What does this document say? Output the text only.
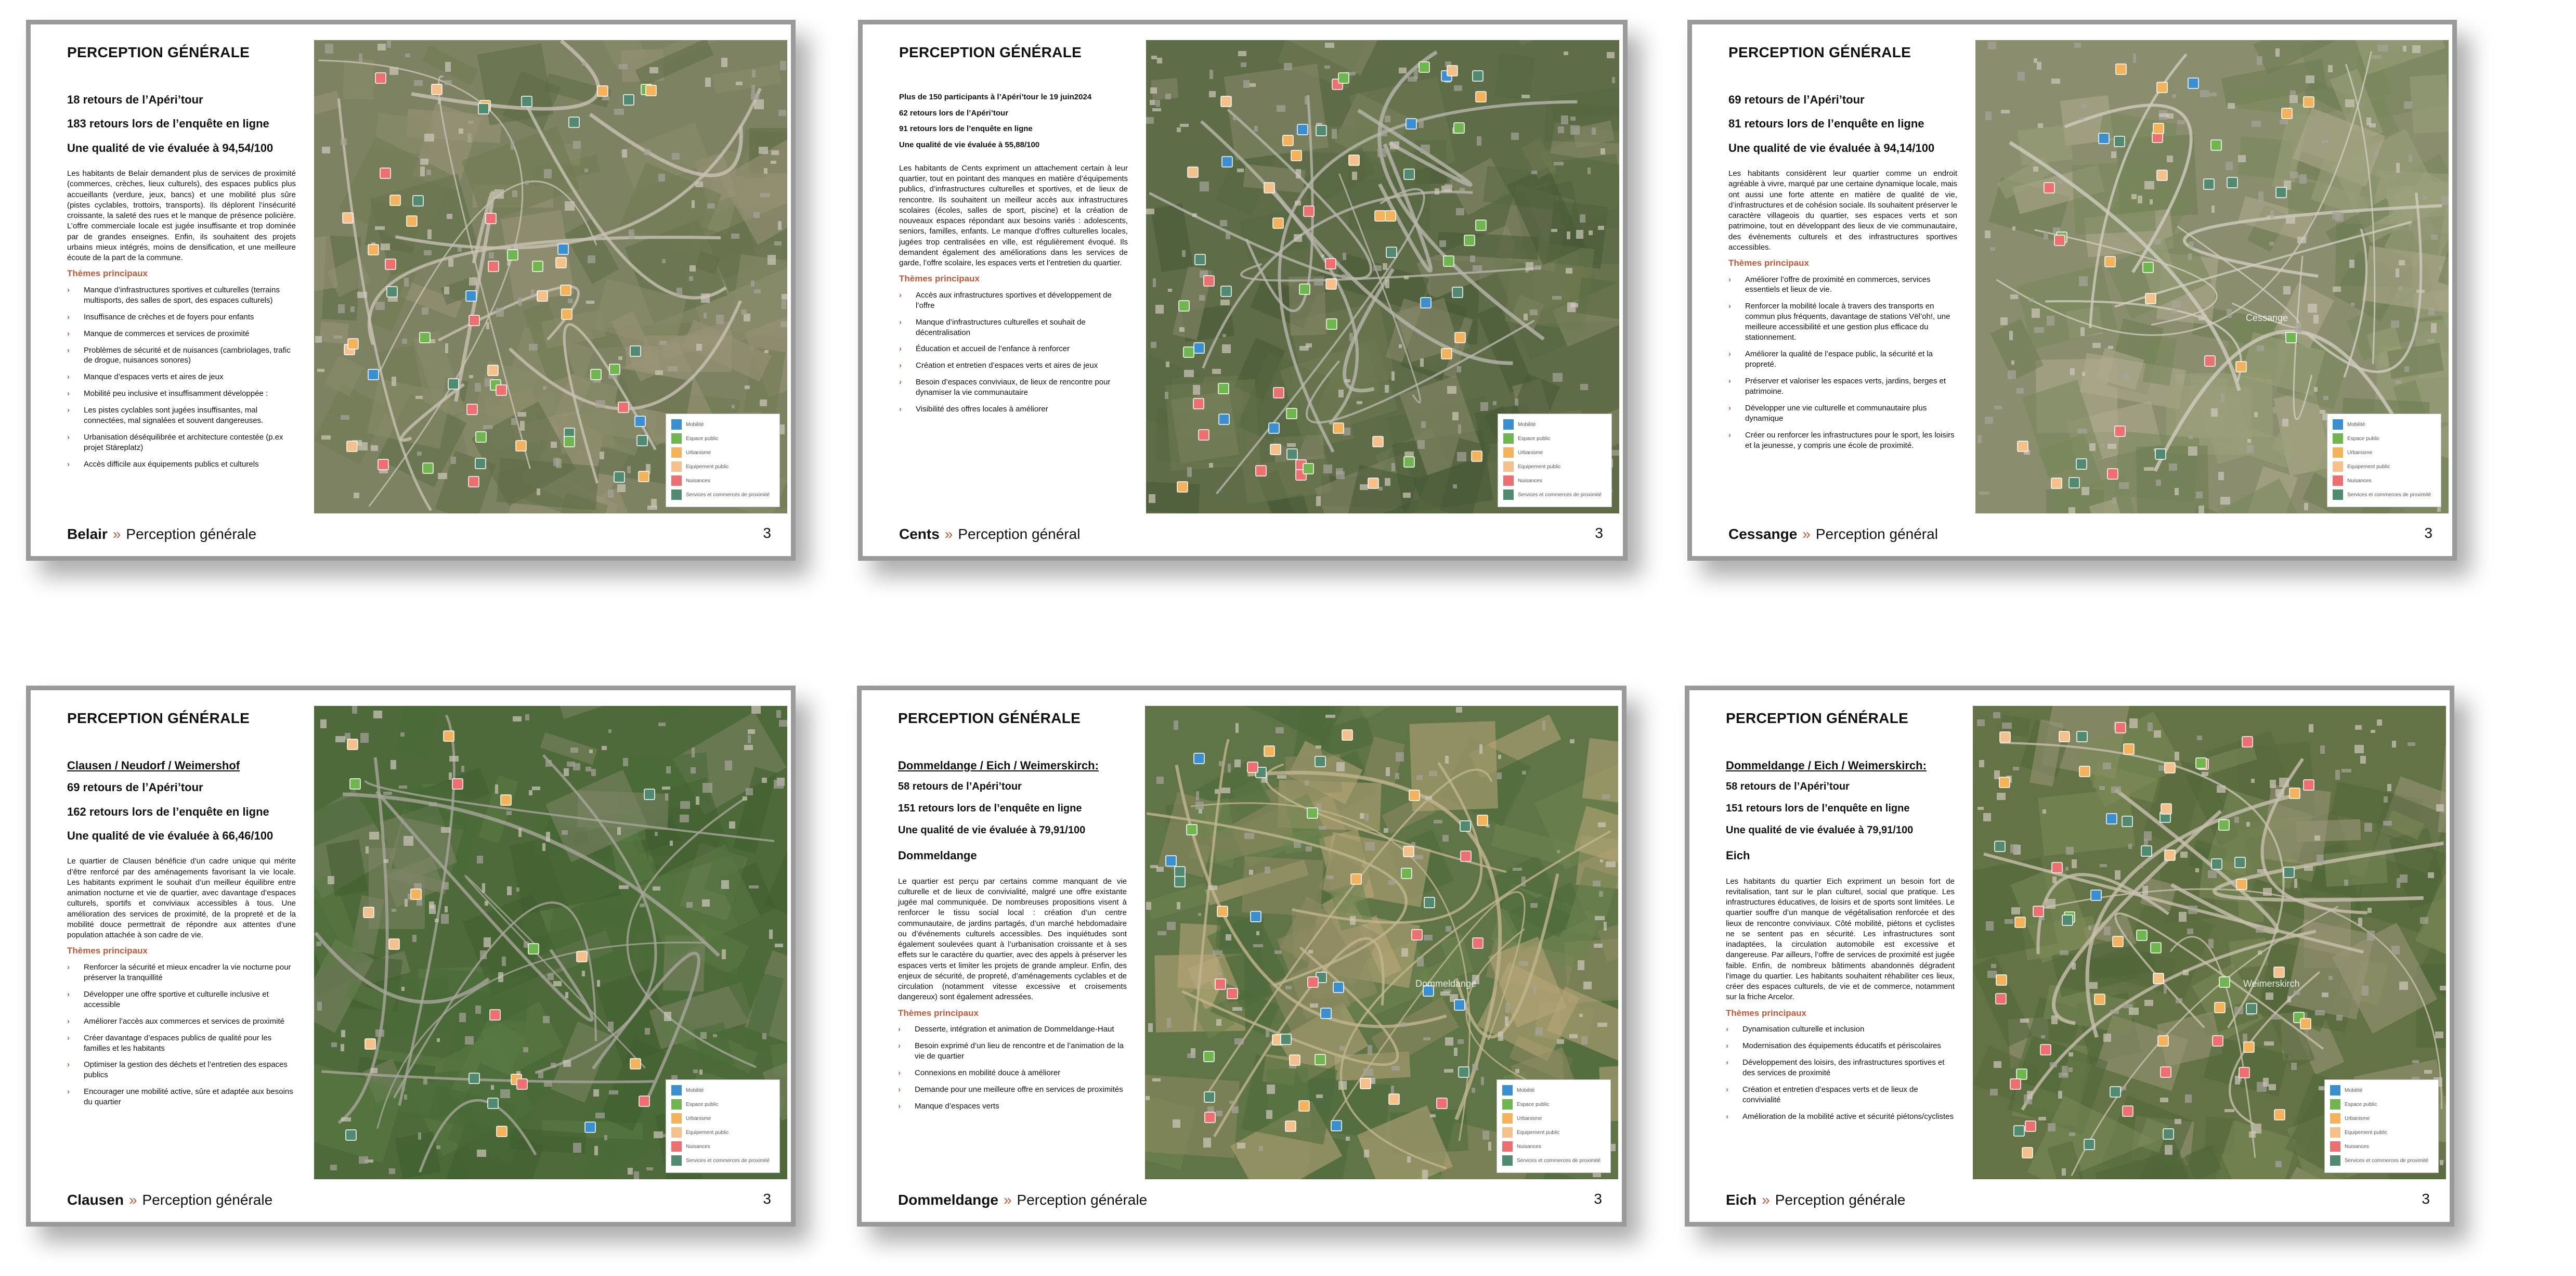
PERCEPTION GÉNÉRALE
18 retours de l’Apéri’tour
183 retours lors de l’enquête en ligne
Une qualité de vie évaluée à 94,54/100
Les habitants de Belair demandent plus de services de proximité (commerces, crèches, lieux culturels), des espaces publics plus accueillants (verdure, jeux, bancs) et une mobilité plus sûre (pistes cyclables, trottoirs, transports). Ils déplorent l’insécurité croissante, la saleté des rues et le manque de présence policière. L’offre commerciale locale est jugée insuffisante et trop dominée par de grandes enseignes. Enfin, ils souhaitent des projets urbains mieux intégrés, moins de densification, et une meilleure écoute de la part de la commune.
Thèmes principaux
› Manque d’infrastructures sportives et culturelles (terrains multisports, des salles de sport, des espaces culturels)
› Insuffisance de crèches et de foyers pour enfants
› Manque de commerces et services de proximité
› Problèmes de sécurité et de nuisances (cambriolages, trafic de drogue, nuisances sonores)
› Manque d’espaces verts et aires de jeux
› Mobilité peu inclusive et insuffisamment développée :
› Les pistes cyclables sont jugées insuffisantes, mal connectées, mal signalées et souvent dangereuses.
› Urbanisation déséquilibrée et architecture contestée (p.ex projet Stäreplatz)
› Accès difficile aux équipements publics et culturels
Belair » Perception générale	3
Mobilité
Espace public
Urbanisme
Equipement public
Nuisances
Services et commerces de proximité
PERCEPTION GÉNÉRALE
Plus de 150 participants à l’Apéri’tour le 19 juin2024
62 retours lors de l’Apéri’tour
91 retours lors de l’enquête en ligne
Une qualité de vie évaluée à 55,88/100
Les habitants de Cents expriment un attachement certain à leur quartier, tout en pointant des manques en matière d’équipements publics, d’infrastructures culturelles et sportives, et de lieux de rencontre. Ils souhaitent un meilleur accès aux infrastructures scolaires (écoles, salles de sport, piscine) et la création de nouveaux espaces répondant aux besoins variés : adolescents, seniors, familles, enfants. Le manque d’offres culturelles locales, jugées trop centralisées en ville, est régulièrement évoqué. Ils demandent également des améliorations dans les services de garde, l’offre scolaire, les espaces verts et l’entretien du quartier.
Thèmes principaux
› Accès aux infrastructures sportives et développement de l’offre
› Manque d’infrastructures culturelles et souhait de décentralisation
› Éducation et accueil de l’enfance à renforcer
› Création et entretien d’espaces verts et aires de jeux
› Besoin d’espaces conviviaux, de lieux de rencontre pour dynamiser la vie communautaire
› Visibilité des offres locales à améliorer
Cents » Perception général	3
Mobilité
Espace public
Urbanisme
Equipement public
Nuisances
Services et commerces de proximité
PERCEPTION GÉNÉRALE
69 retours de l’Apéri’tour
81 retours lors de l’enquête en ligne
Une qualité de vie évaluée à 94,14/100
Les habitants considèrent leur quartier comme un endroit agréable à vivre, marqué par une certaine dynamique locale, mais ont aussi une forte attente en matière de qualité de vie, d’infrastructures et de cohésion sociale. Ils souhaitent préserver le caractère villageois du quartier, ses espaces verts et son patrimoine, tout en développant des lieux de vie communautaire, des événements culturels et des infrastructures sportives accessibles.
Thèmes principaux
› Améliorer l’offre de proximité en commerces, services essentiels et lieux de vie.
› Renforcer la mobilité locale à travers des transports en commun plus fréquents, davantage de stations Vël’oh!, une meilleure accessibilité et une gestion plus efficace du stationnement.
› Améliorer la qualité de l’espace public, la sécurité et la propreté.
› Préserver et valoriser les espaces verts, jardins, berges et patrimoine.
› Développer une vie culturelle et communautaire plus dynamique
› Créer ou renforcer les infrastructures pour le sport, les loisirs et la jeunesse, y compris une école de proximité.
Cessange » Perception général	3
Cessange
Mobilité
Espace public
Urbanisme
Equipement public
Nuisances
Services et commerces de proximité
PERCEPTION GÉNÉRALE
Clausen / Neudorf / Weimershof
69 retours de l’Apéri’tour
162 retours lors de l’enquête en ligne
Une qualité de vie évaluée à 66,46/100
Le quartier de Clausen bénéficie d’un cadre unique qui mérite d’être renforcé par des aménagements favorisant la vie locale. Les habitants expriment le souhait d’un meilleur équilibre entre animation nocturne et vie de quartier, avec davantage d’espaces culturels, sportifs et conviviaux accessibles à tous. Une amélioration des services de proximité, de la propreté et de la mobilité douce permettrait de répondre aux attentes d’une population attachée à son cadre de vie.
Thèmes principaux
› Renforcer la sécurité et mieux encadrer la vie nocturne pour préserver la tranquillité
› Développer une offre sportive et culturelle inclusive et accessible
› Améliorer l’accès aux commerces et services de proximité
› Créer davantage d’espaces publics de qualité pour les familles et les habitants
› Optimiser la gestion des déchets et l’entretien des espaces publics
› Encourager une mobilité active, sûre et adaptée aux besoins du quartier
Clausen » Perception générale	3
Mobilité
Espace public
Urbanisme
Equipement public
Nuisances
Services et commerces de proximité
PERCEPTION GÉNÉRALE
Dommeldange / Eich / Weimerskirch:
58 retours de l’Apéri’tour
151 retours lors de l’enquête en ligne
Une qualité de vie évaluée à 79,91/100
Dommeldange
Le quartier est perçu par certains comme manquant de vie culturelle et de lieux de convivialité, malgré une offre existante jugée mal communiquée. De nombreuses propositions visent à renforcer le tissu social local : création d’un centre communautaire, de jardins partagés, d’un marché hebdomadaire ou d’événements culturels accessibles. Des inquiétudes sont également soulevées quant à l’urbanisation croissante et à ses effets sur le caractère du quartier, avec des appels à préserver les espaces verts et limiter les projets de grande ampleur. Enfin, des enjeux de sécurité, de propreté, d’aménagements cyclables et de circulation (notamment vitesse excessive et croisements dangereux) sont également adressées.
Thèmes principaux
› Desserte, intégration et animation de Dommeldange-Haut
› Besoin exprimé d’un lieu de rencontre et de l’animation de la vie de quartier
› Connexions en mobilité douce à améliorer
› Demande pour une meilleure offre en services de proximités
› Manque d’espaces verts
Dommeldange » Perception générale	3
Dommeldange
Mobilité
Espace public
Urbanisme
Equipement public
Nuisances
Services et commerces de proximité
PERCEPTION GÉNÉRALE
Dommeldange / Eich / Weimerskirch:
58 retours de l’Apéri’tour
151 retours lors de l’enquête en ligne
Une qualité de vie évaluée à 79,91/100
Eich
Les habitants du quartier Eich expriment un besoin fort de revitalisation, tant sur le plan culturel, social que pratique. Les infrastructures éducatives, de loisirs et de sports sont limitées. Le quartier souffre d’un manque de végétalisation renforcée et des lieux de rencontre conviviaux. Côté mobilité, piétons et cyclistes ne se sentent pas en sécurité. Les infrastructures sont inadaptées, la circulation automobile est excessive et dangereuse. Par ailleurs, l’offre de services de proximité est jugée faible. Enfin, de nombreux bâtiments abandonnés dégradent l’image du quartier. Les habitants souhaitent réhabiliter ces lieux, créer des espaces culturels, de vie et de commerce, notamment sur la friche Arcelor.
Thèmes principaux
› Dynamisation culturelle et inclusion
› Modernisation des équipements éducatifs et périscolaires
› Développement des loisirs, des infrastructures sportives et des services de proximité
› Création et entretien d’espaces verts et de lieux de convivialité
› Amélioration de la mobilité active et sécurité piétons/cyclistes
Eich » Perception générale	3
Weimerskirch
Mobilité
Espace public
Urbanisme
Equipement public
Nuisances
Services et commerces de proximité
